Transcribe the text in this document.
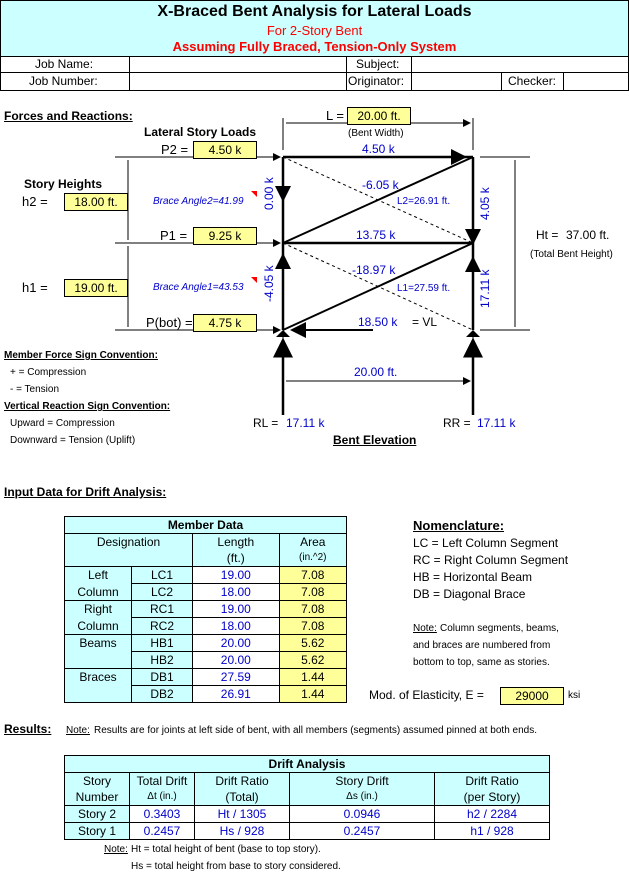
X-Braced Bent Analysis for Lateral Loads
For 2-Story Bent
Assuming Fully Braced, Tension-Only System
Job Name:	Subject:
Job Number:	Originator:	Checker:
Forces and Reactions:
Lateral Story Loads
P2 =	4.50 k
P1 =	9.25 k
P(bot) =	4.75 k
Story Heights
h2 =	18.00 ft.
h1 =	19.00 ft.
L =	20.00 ft.
(Bent Width)
Ht = 37.00 ft.
(Total Bent Height)
Brace Angle2=41.99
Brace Angle1=43.53
4.50 k
13.75 k
18.50 k = VL
-6.05 k
-18.97 k
L2=26.91 ft.
L1=27.59 ft.
0.00 k
-4.05 k
4.05 k
17.11 k
20.00 ft.
RL = 17.11 k	RR = 17.11 k
Bent Elevation
Member Force Sign Convention:
+ = Compression
- = Tension
Vertical Reaction Sign Convention:
Upward = Compression
Downward = Tension (Uplift)
Input Data for Drift Analysis:
Member Data			
Designation		Length	Area
		(ft.)	(in.^2)
Left	LC1	19.00	7.08
Column	LC2	18.00	7.08
Right	RC1	19.00	7.08
Column	RC2	18.00	7.08
Beams	HB1	20.00	5.62
	HB2	20.00	5.62
Braces	DB1	27.59	1.44
	DB2	26.91	1.44
Nomenclature:
LC = Left Column Segment
RC = Right Column Segment
HB = Horizontal Beam
DB = Diagonal Brace
Note: Column segments, beams,
and braces are numbered from
bottom to top, same as stories.
Mod. of Elasticity, E =	29000	ksi
Results: Note: Results are for joints at left side of bent, with all members (segments) assumed pinned at both ends.
Drift Analysis				
Story	Total Drift	Drift Ratio	Story Drift	Drift Ratio
Number	Δt (in.)	(Total)	Δs (in.)	(per Story)
Story 2	0.3403	Ht / 1305	0.0946	h2 / 2284
Story 1	0.2457	Hs / 928	0.2457	h1 / 928
Note: Ht = total height of bent (base to top story).
Hs = total height from base to story considered.
